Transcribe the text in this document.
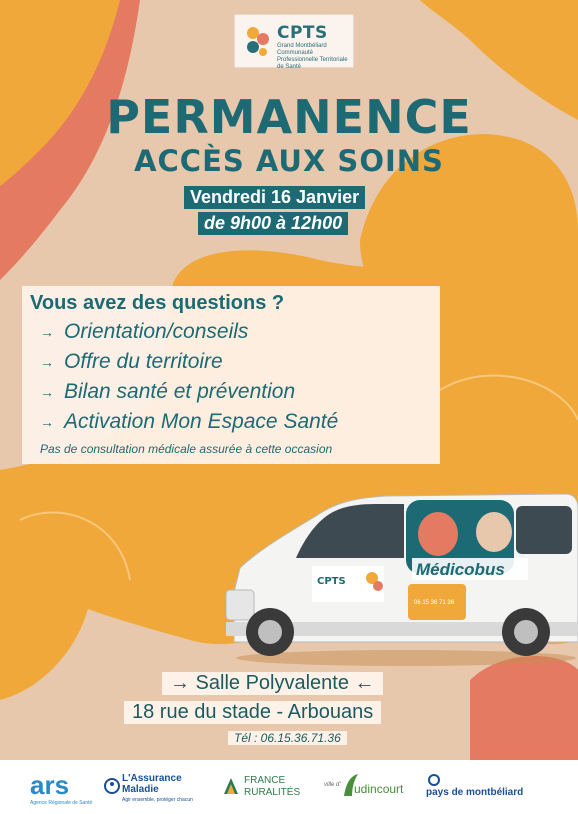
CPTS
Grand Montbéliard Communauté Professionnelle Territoriale de Santé
PERMANENCE
ACCÈS AUX SOINS
Vendredi 16 Janvier
de 9h00 à 12h00
Vous avez des questions ?
→ Orientation/conseils
→ Offre du territoire
→ Bilan santé et prévention
→ Activation Mon Espace Santé
Pas de consultation médicale assurée à cette occasion
CPTS
Médicobus
06 15 36 71 36
→ Salle Polyvalente ←
18 rue du stade - Arbouans
Tél : 06.15.36.71.36
ars
Agence Régionale de Santé
L'Assurance
Maladie
Agir ensemble, protéger chacun
FRANCE
RURALITÉS
ville d' udincourt pays de montbéliard
